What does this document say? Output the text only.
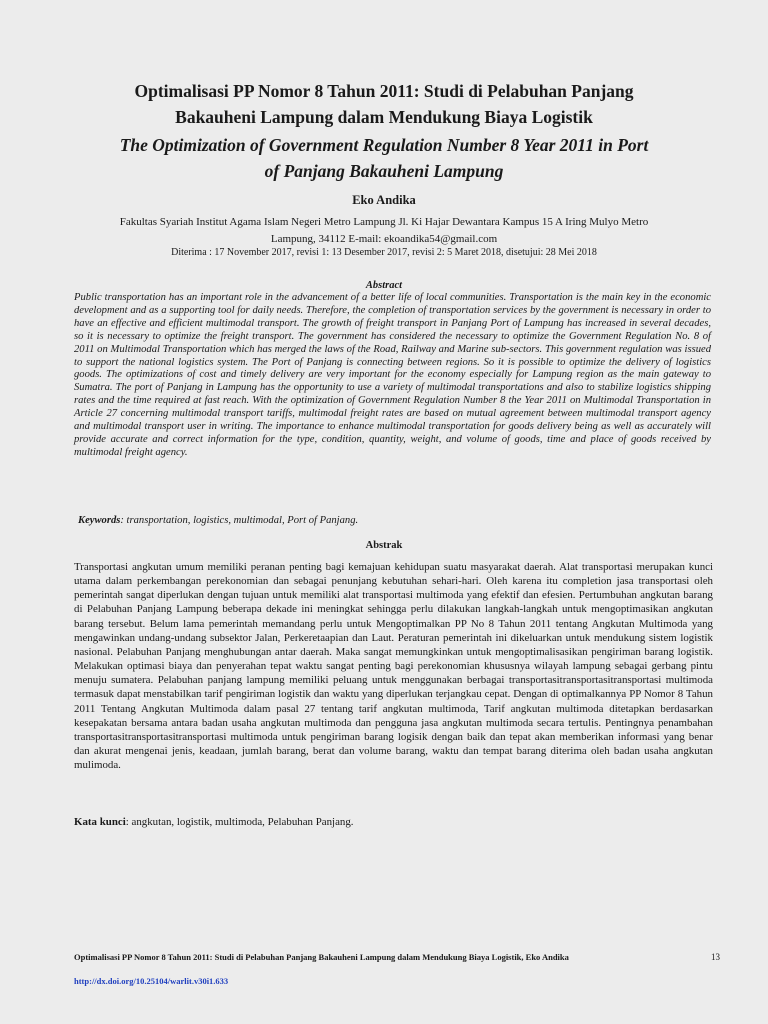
Optimalisasi PP Nomor 8 Tahun 2011: Studi di Pelabuhan Panjang
Bakauheni Lampung dalam Mendukung Biaya Logistik
The Optimization of Government Regulation Number 8 Year 2011 in Port
of Panjang Bakauheni Lampung
Eko Andika
Fakultas Syariah Institut Agama Islam Negeri Metro Lampung Jl. Ki Hajar Dewantara Kampus 15 A Iring Mulyo Metro
Lampung, 34112 E-mail: ekoandika54@gmail.com
Diterima : 17 November 2017, revisi 1: 13 Desember 2017, revisi 2: 5 Maret 2018, disetujui: 28 Mei 2018
Abstract

Public transportation has an important role in the advancement of a better life of local communities. Transportation is the main key in the economic development and as a supporting tool for daily needs. Therefore, the completion of transportation services by the government is necessary in order to have an effective and efficient multimodal transport. The growth of freight transport in Panjang Port of Lampung has increased in several decades, so it is necessary to optimize the freight transport. The government has considered the necessary to optimize the Government Regulation No. 8 of 2011 on Multimodal Transportation which has merged the laws of the Road, Railway and Marine sub-sectors. This government regulation was issued to support the national logistics system. The Port of Panjang is connecting between regions. So it is possible to optimize the delivery of logistics goods. The optimizations of cost and timely delivery are very important for the economy especially for Lampung region as the main gateway to Sumatra. The port of Panjang in Lampung has the opportunity to use a variety of multimodal transportations and also to stabilize logistics shipping rates and the time required at fast reach. With the optimization of Government Regulation Number 8 the Year 2011 on Multimodal Transportation in Article 27 concerning multimodal transport tariffs, multimodal freight rates are based on mutual agreement between multimodal transport agency and multimodal transport user in writing. The importance to enhance multimodal transportation for goods delivery being as well as accurately will provide accurate and correct information for the type, condition, quantity, weight, and volume of goods, time and place of goods received by multimodal freight agency.

Keywords: transportation, logistics, multimodal, Port of Panjang.

Abstrak

Transportasi angkutan umum memiliki peranan penting bagi kemajuan kehidupan suatu masyarakat daerah. Alat transportasi merupakan kunci utama dalam perkembangan perekonomian dan sebagai penunjang kebutuhan sehari-hari. Oleh karena itu completion jasa transportasi oleh pemerintah sangat diperlukan dengan tujuan untuk memiliki alat transportasi multimoda yang efektif dan efesien. Pertumbuhan angkutan barang di Pelabuhan Panjang Lampung beberapa dekade ini meningkat sehingga perlu dilakukan langkah-langkah untuk mengoptimasikan angkutan barang tersebut. Belum lama pemerintah memandang perlu untuk Mengoptimalkan PP No 8 Tahun 2011 tentang Angkutan Multimoda yang mengawinkan undang-undang subsektor Jalan, Perkeretaapian dan Laut. Peraturan pemerintah ini dikeluarkan untuk mendukung sistem logistik nasional. Pelabuhan Panjang menghubungan antar daerah. Maka sangat memungkinkan untuk mengoptimalisasikan pengiriman barang logistik. Melakukan optimasi biaya dan penyerahan tepat waktu sangat penting bagi perekonomian khususnya wilayah lampung sebagai gerbang pintu menuju sumatera. Pelabuhan panjang lampung memiliki peluang untuk menggunakan berbagai transportasitransportasitransportasi multimoda termasuk dapat menstabilkan tarif pengiriman logistik dan waktu yang diperlukan terjangkau cepat. Dengan di optimalkannya PP Nomor 8 Tahun 2011 Tentang Angkutan Multimoda dalam pasal 27 tentang tarif angkutan multimoda, Tarif angkutan multimoda ditetapkan berdasarkan kesepakatan bersama antara badan usaha angkutan multimoda dan pengguna jasa angkutan multimoda secara tertulis. Pentingnya penambahan transportasitransportasitransportasi multimoda untuk pengiriman barang logisik dengan baik dan tepat akan memberikan informasi yang benar dan akurat mengenai jenis, keadaan, jumlah barang, berat dan volume barang, waktu dan tempat barang diterima oleh badan usaha angkutan mulimoda.

Kata kunci: angkutan, logistik, multimoda, Pelabuhan Panjang.

Optimalisasi PP Nomor 8 Tahun 2011: Studi di Pelabuhan Panjang Bakauheni Lampung dalam Mendukung Biaya Logistik, Eko Andika	13
http://dx.doi.org/10.25104/warlit.v30i1.633
